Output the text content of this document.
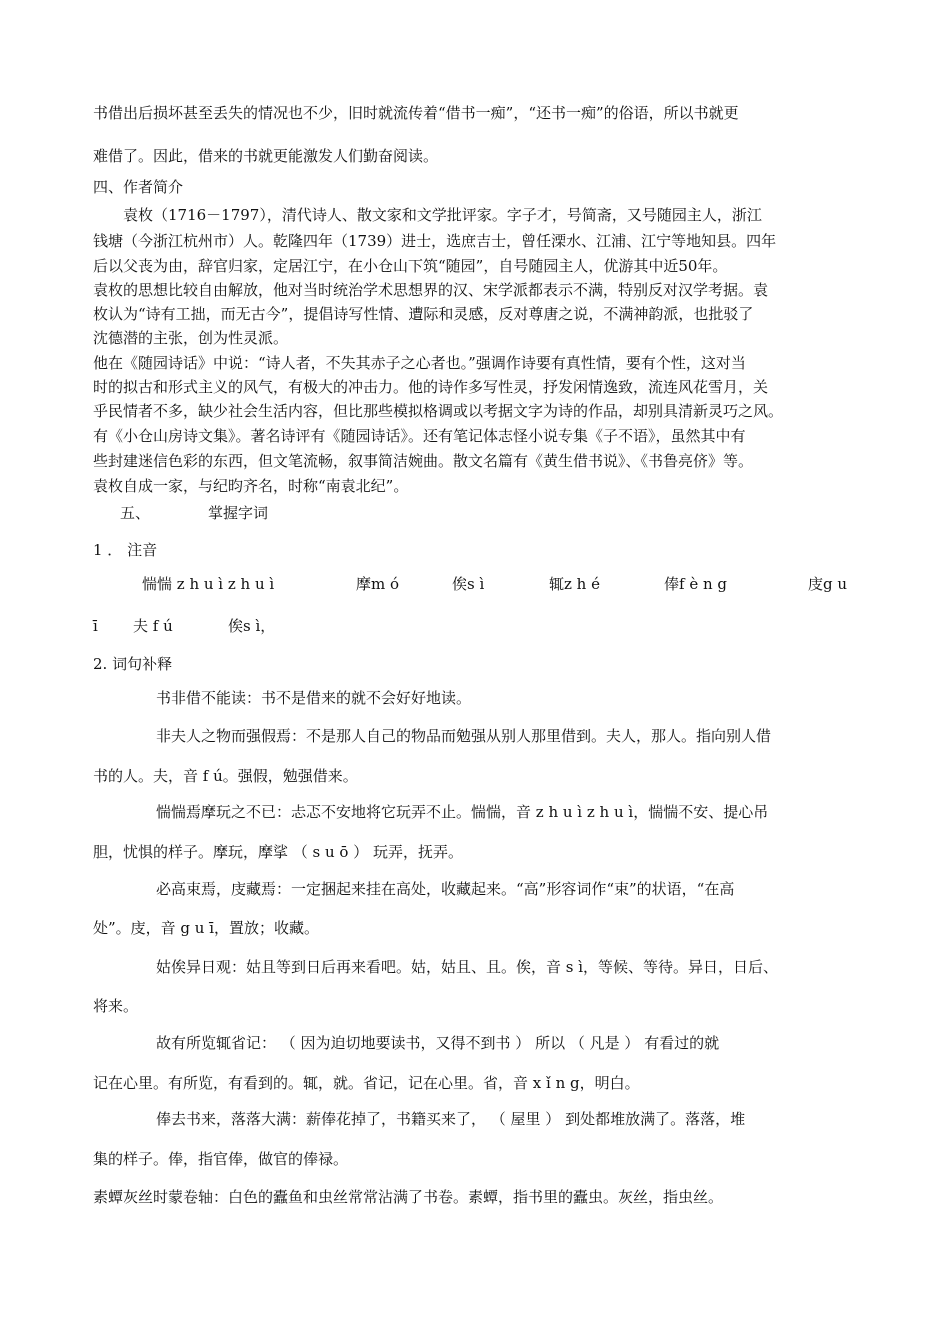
书借出后损坏甚至丢失的情况也不少，旧时就流传着“借书一痴”，“还书一痴”的俗语，所以书就更
难借了。因此，借来的书就更能激发人们勤奋阅读。
四、作者简介
袁枚（1716－1797），清代诗人、散文家和文学批评家。字子才，号简斋，又号随园主人，浙江
钱塘（今浙江杭州市）人。乾隆四年（1739）进士，选庶吉士，曾任溧水、江浦、江宁等地知县。四年
后以父丧为由，辞官归家，定居江宁，在小仓山下筑“随园”，自号随园主人，优游其中近50年。
袁枚的思想比较自由解放，他对当时统治学术思想界的汉、宋学派都表示不满，特别反对汉学考据。袁
枚认为“诗有工拙，而无古今”，提倡诗写性情、遭际和灵感，反对尊唐之说，不满神韵派，也批驳了
沈德潜的主张，创为性灵派。
他在《随园诗话》中说：“诗人者，不失其赤子之心者也。”强调作诗要有真性情，要有个性，这对当
时的拟古和形式主义的风气，有极大的冲击力。他的诗作多写性灵，抒发闲情逸致，流连风花雪月，关
乎民情者不多，缺少社会生活内容，但比那些模拟格调或以考据文字为诗的作品，却别具清新灵巧之风。
有《小仓山房诗文集》。著名诗评有《随园诗话》。还有笔记体志怪小说专集《子不语》，虽然其中有
些封建迷信色彩的东西，但文笔流畅，叙事简洁婉曲。散文名篇有《黄生借书说》、《书鲁亮侪》等。
袁枚自成一家，与纪昀齐名，时称“南袁北纪”。
五、	掌握字词
1 ． 注音
惴惴 z h u ì z h u ì	摩m ó	俟s ì	辄z h é	俸f è n g	庋g u
ī 夫 f ú	俟s ì，
2. 词句补释
书非借不能读：书不是借来的就不会好好地读。
非夫人之物而强假焉：不是那人自己的物品而勉强从别人那里借到。夫人，那人。指向别人借
书的人。夫，音 f ú。强假，勉强借来。
惴惴焉摩玩之不已：忐忑不安地将它玩弄不止。惴惴，音 z h u ì z h u ì，惴惴不安、提心吊
胆，忧惧的样子。摩玩，摩挲 （ s u ō ） 玩弄，抚弄。
必高束焉，庋藏焉：一定捆起来挂在高处，收藏起来。“高”形容词作“束”的状语，“在高
处”。庋，音 g u ī，置放；收藏。
姑俟异日观：姑且等到日后再来看吧。姑，姑且、且。俟，音 s ì，等候、等待。异日，日后、
将来。
故有所览辄省记： （ 因为迫切地要读书，又得不到书 ） 所以 （ 凡是 ） 有看过的就
记在心里。有所览，有看到的。辄，就。省记，记在心里。省，音 x ǐ n g，明白。
俸去书来，落落大满：薪俸花掉了，书籍买来了， （ 屋里 ） 到处都堆放满了。落落，堆
集的样子。俸，指官俸，做官的俸禄。
素蟫灰丝时蒙卷轴：白色的蠹鱼和虫丝常常沾满了书卷。素蟫，指书里的蠹虫。灰丝，指虫丝。
